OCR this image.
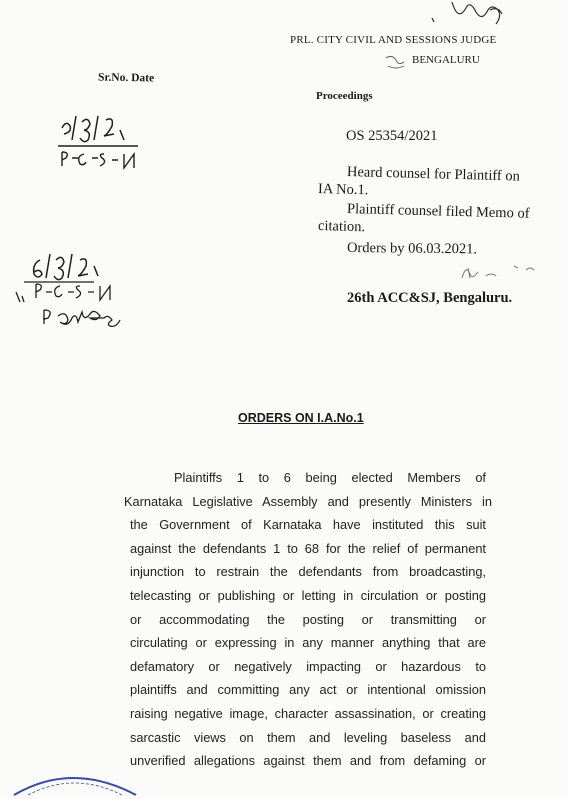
PRL. CITY CIVIL AND SESSIONS JUDGE
BENGALURU
Sr.No. Date
Proceedings
OS 25354/2021
Heard counsel for Plaintiff on
IA No.1.
Plaintiff counsel filed Memo of
citation.
Orders by 06.03.2021.
26th ACC&SJ, Bengaluru.
ORDERS ON I.A.No.1
Plaintiffs 1 to 6 being elected Members of
Karnataka Legislative Assembly and presently Ministers in
the Government of Karnataka have instituted this suit
against the defendants 1 to 68 for the relief of permanent
injunction to restrain the defendants from broadcasting,
telecasting or publishing or letting in circulation or posting
or accommodating the posting or transmitting or
circulating or expressing in any manner anything that are
defamatory or negatively impacting or hazardous to
plaintiffs and committing any act or intentional omission
raising negative image, character assassination, or creating
sarcastic views on them and leveling baseless and
unverified allegations against them and from defaming or
